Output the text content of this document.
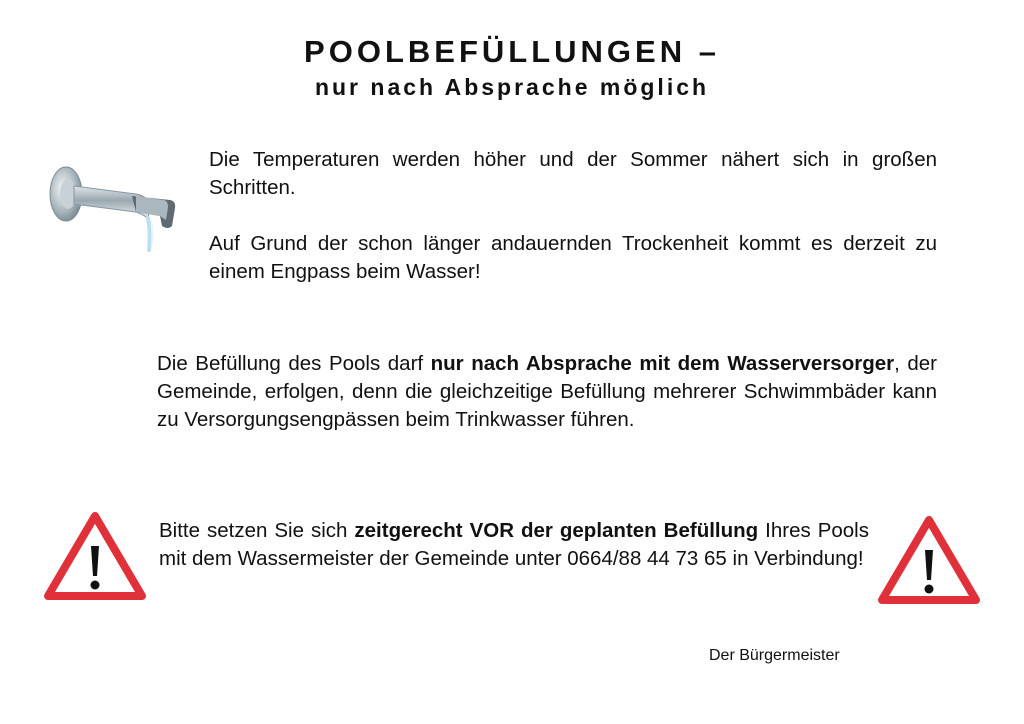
POOLBEFÜLLUNGEN –
nur nach Absprache möglich
Die Temperaturen werden höher und der Sommer nähert sich in großen Schritten.
Auf Grund der schon länger andauernden Trockenheit kommt es derzeit zu einem Engpass beim Wasser!
Die Befüllung des Pools darf nur nach Absprache mit dem Wasserversorger, der Gemeinde, erfolgen, denn die gleichzeitige Befüllung mehrerer Schwimmbäder kann zu Versorgungsengpässen beim Trinkwasser führen.
Bitte setzen Sie sich zeitgerecht VOR der geplanten Befüllung Ihres Pools mit dem Wassermeister der Gemeinde unter 0664/88 44 73 65 in Verbindung!
Der Bürgermeister
